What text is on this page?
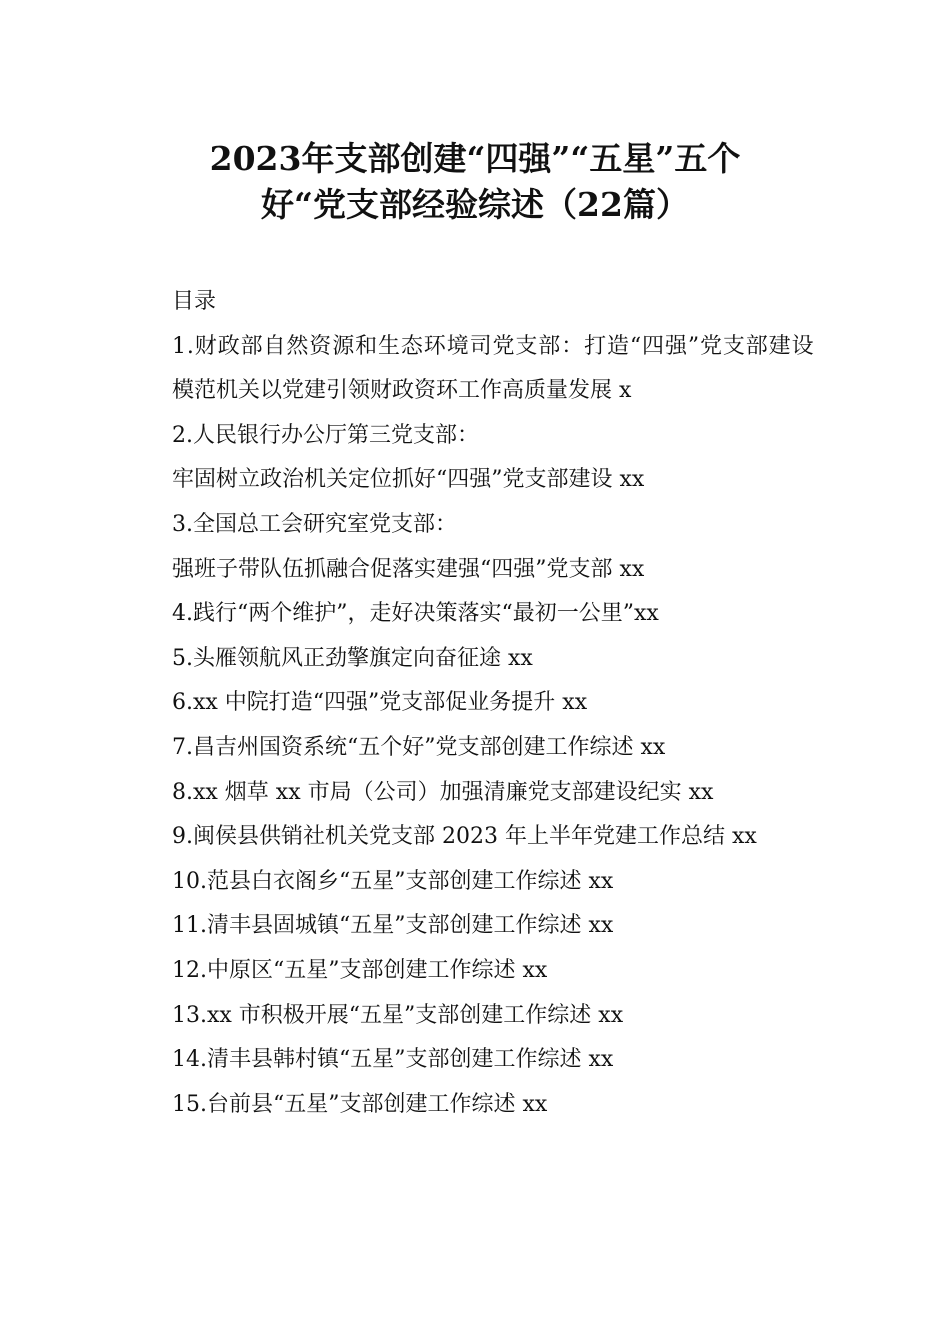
2023年支部创建“四强”“五星”五个
好“党支部经验综述（22篇）

目录

1.财政部自然资源和生态环境司党支部：打造“四强”党支部建设

模范机关以党建引领财政资环工作高质量发展 x

2.人民银行办公厅第三党支部：

牢固树立政治机关定位抓好“四强”党支部建设 xx

3.全国总工会研究室党支部：

强班子带队伍抓融合促落实建强“四强”党支部 xx

4.践行“两个维护”，走好决策落实“最初一公里”xx

5.头雁领航风正劲擎旗定向奋征途 xx

6.xx 中院打造“四强”党支部促业务提升 xx

7.昌吉州国资系统“五个好”党支部创建工作综述 xx

8.xx 烟草 xx 市局（公司）加强清廉党支部建设纪实 xx

9.闽侯县供销社机关党支部 2023 年上半年党建工作总结 xx

10.范县白衣阁乡“五星”支部创建工作综述 xx

11.清丰县固城镇“五星”支部创建工作综述 xx

12.中原区“五星”支部创建工作综述 xx

13.xx 市积极开展“五星”支部创建工作综述 xx

14.清丰县韩村镇“五星”支部创建工作综述 xx

15.台前县“五星”支部创建工作综述 xx
